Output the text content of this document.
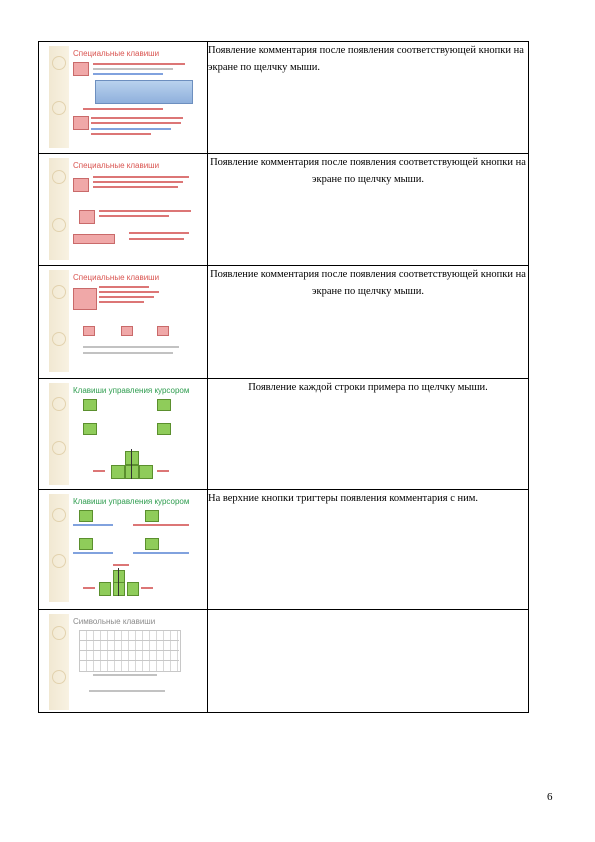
Специальные клавиши	Появление комментария после появления соответствующей кнопки на экране по щелчку мыши.

Специальные клавиши	Появление комментария после появления соответствующей кнопки на экране по щелчку мыши.

Специальные клавиши	Появление комментария после появления соответствующей кнопки на экране по щелчку мыши.

Клавиши управления курсором	Появление каждой строки примера по щелчку мыши.

Клавиши управления курсором	На верхние кнопки тригтеры появления комментария с ним.

Символьные клавиши	

6
